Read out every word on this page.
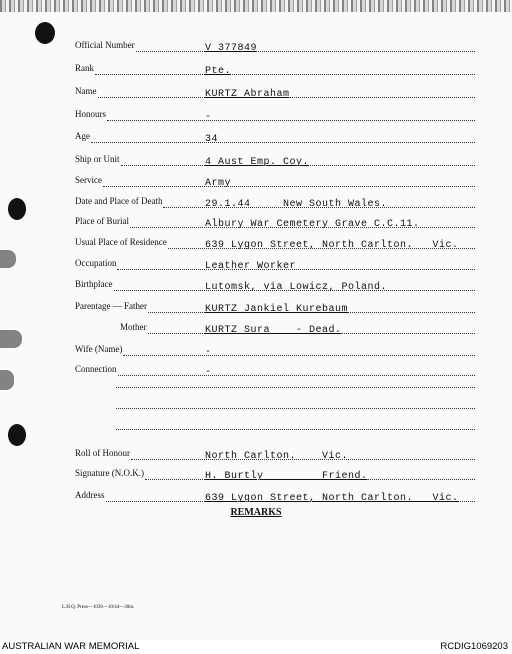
Official Number	V 377849
Rank	Pte.
Name	KURTZ Abraham
Honours	-
Age	34
Ship or Unit	4 Aust Emp. Coy.
Service	Army
Date and Place of Death	29.1.44     New South Wales.
Place of Burial	Albury War Cemetery Grave C.C.11.
Usual Place of Residence	639 Lygon Street, North Carlton.   Vic.
Occupation	Leather Worker
Birthplace	Lutomsk, via Lowicz, Poland.
Parentage — Father	KURTZ Jankiel Kurebaum
Mother	KURTZ Sura    - Dead.
Wife (Name)	-
Connection	-
Roll of Honour	North Carlton.    Vic.
Signature (N.O.K.)	H. Burtly         Friend.
Address	639 Lygon Street, North Carlton.   Vic.
REMARKS
L.H.Q. Press—1036—10/44—30m.
AUSTRALIAN WAR MEMORIAL	RCDIG1069203
